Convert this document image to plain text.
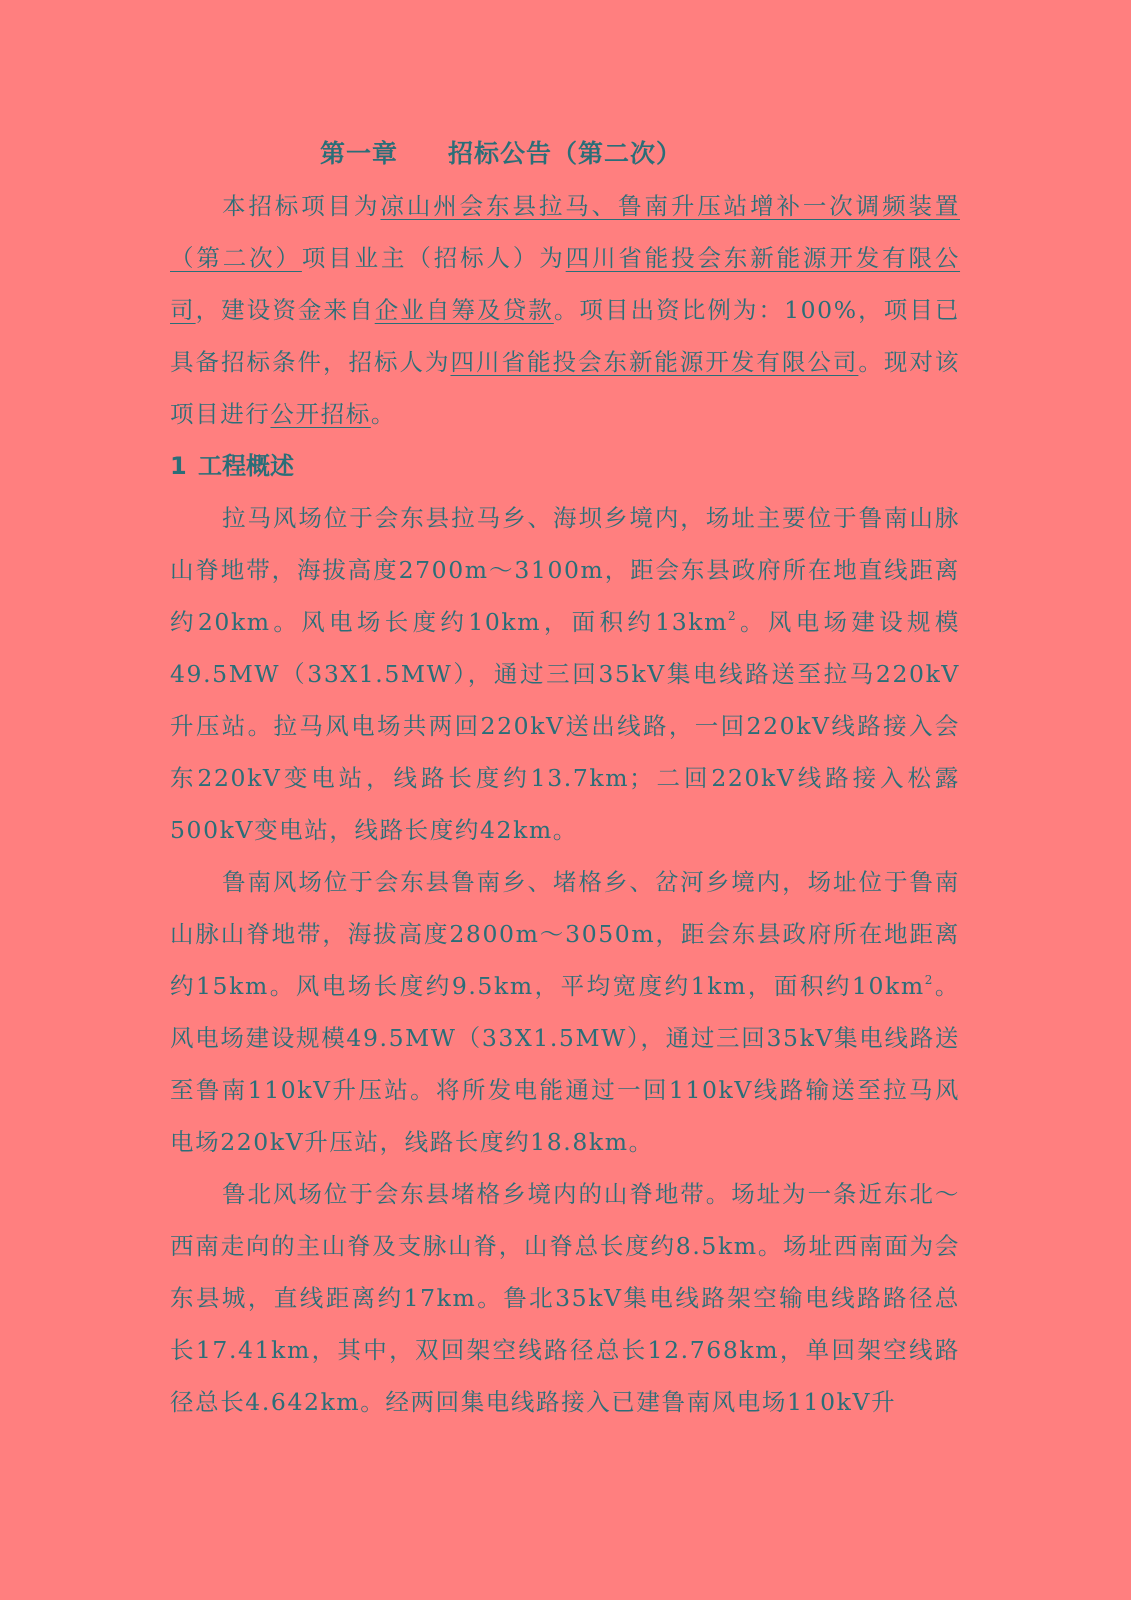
第一章 招标公告（第二次）

本招标项目为凉山州会东县拉马、鲁南升压站增补一次调频装置（第二次）项目业主（招标人）为四川省能投会东新能源开发有限公司，建设资金来自企业自筹及贷款。项目出资比例为：100%，项目已具备招标条件，招标人为四川省能投会东新能源开发有限公司。现对该项目进行公开招标。

1 工程概述

拉马风场位于会东县拉马乡、海坝乡境内，场址主要位于鲁南山脉山脊地带，海拔高度2700m～3100m，距会东县政府所在地直线距离约20km。风电场长度约10km，面积约$13km^2$。风电场建设规模49.5MW（33X1.5MW），通过三回35kV集电线路送至拉马220kV升压站。拉马风电场共两回220kV送出线路，一回220kV线路接入会东220kV变电站，线路长度约13.7km；二回220kV线路接入松露500kV变电站，线路长度约42km。

鲁南风场位于会东县鲁南乡、堵格乡、岔河乡境内，场址位于鲁南山脉山脊地带，海拔高度2800m～3050m，距会东县政府所在地距离约15km。风电场长度约9.5km，平均宽度约1km，面积约$10km^2$。风电场建设规模49.5MW（33X1.5MW），通过三回35kV集电线路送至鲁南110kV升压站。将所发电能通过一回110kV线路输送至拉马风电场220kV升压站，线路长度约18.8km。

鲁北风场位于会东县堵格乡境内的山脊地带。场址为一条近东北～西南走向的主山脊及支脉山脊，山脊总长度约8.5km。场址西南面为会东县城，直线距离约17km。鲁北35kV集电线路架空输电线路路径总长17.41km，其中，双回架空线路径总长12.768km，单回架空线路径总长4.642km。经两回集电线路接入已建鲁南风电场110kV升
